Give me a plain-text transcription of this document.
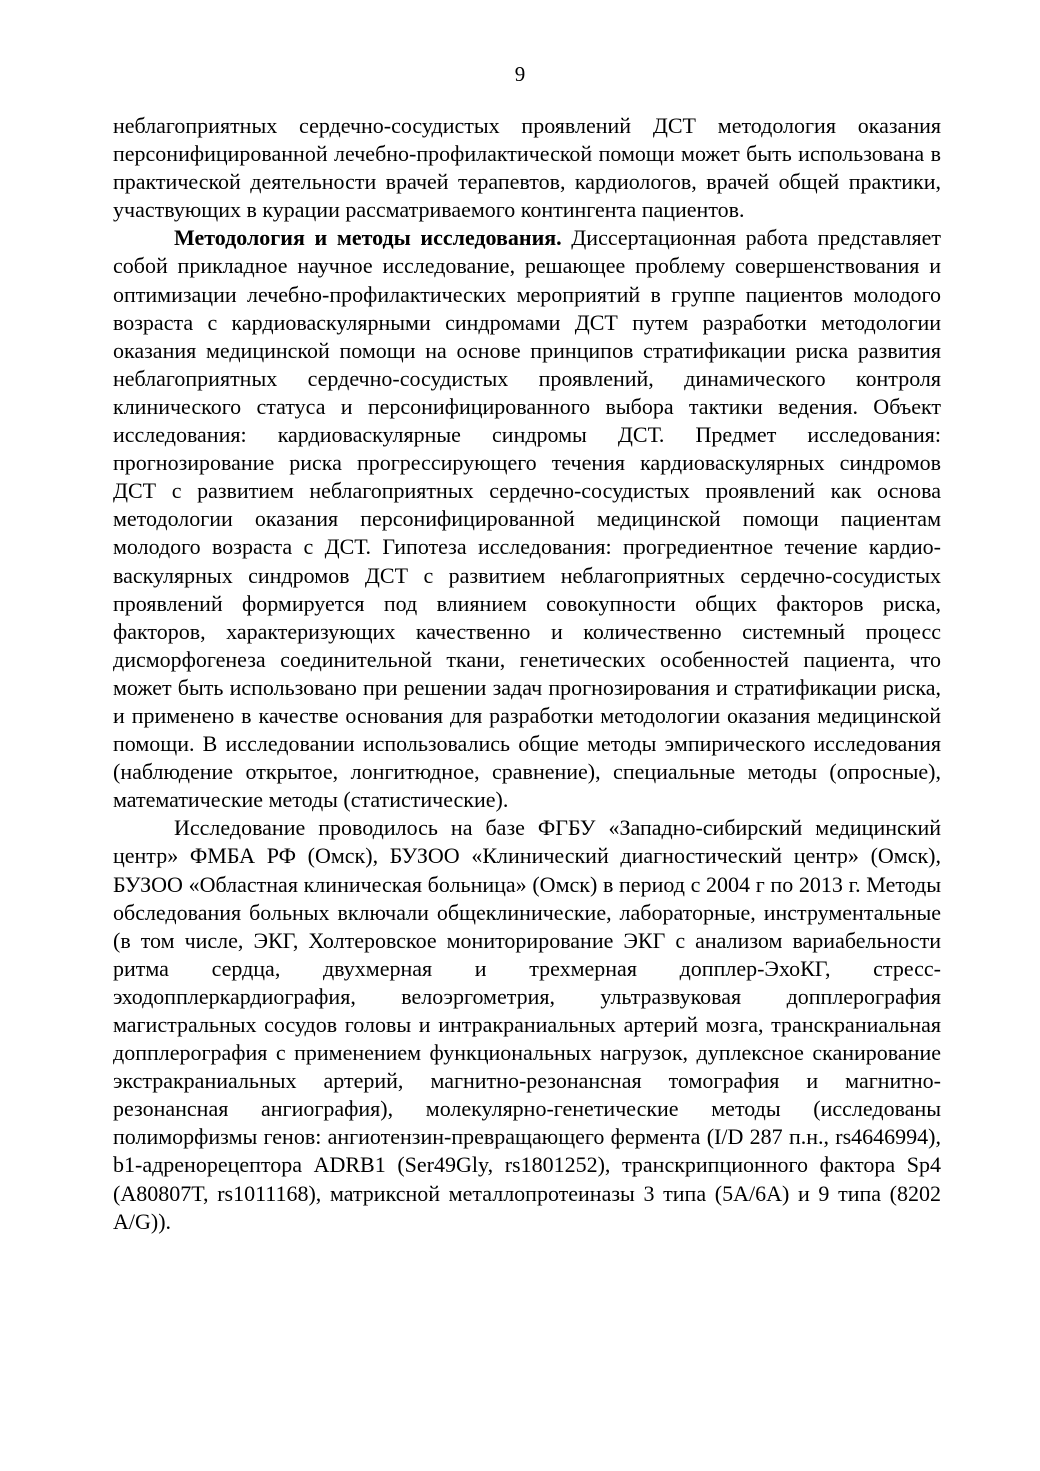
9

неблагоприятных сердечно-сосудистых проявлений ДСТ методология оказания персонифицированной лечебно-профилактической помощи может быть использована в практической деятельности врачей терапевтов, кардиологов, врачей общей практики, участвующих в курации рассматриваемого контингента пациентов.

Методология и методы исследования. Диссертационная работа представляет собой прикладное научное исследование, решающее проблему совершенствования и оптимизации лечебно-профилактических мероприятий в группе пациентов молодого возраста с кардиоваскулярными синдромами ДСТ путем разработки методологии оказания медицинской помощи на основе принципов стратификации риска развития неблагоприятных сердечно-сосудистых проявлений, динамического контроля клинического статуса и персонифицированного выбора тактики ведения. Объект исследования: кардиоваскулярные синдромы ДСТ. Предмет исследования: прогнозирование риска прогрессирующего течения кардиоваскулярных синдромов ДСТ с развитием неблагоприятных сердечно-сосудистых проявлений как основа методологии оказания персонифицированной медицинской помощи пациентам молодого возраста с ДСТ. Гипотеза исследования: прогредиентное течение кардио-васкулярных синдромов ДСТ с развитием неблагоприятных сердечно-сосудистых проявлений формируется под влиянием совокупности общих факторов риска, факторов, характеризующих качественно и количественно системный процесс дисморфогенеза соединительной ткани, генетических особенностей пациента, что может быть использовано при решении задач прогнозирования и стратификации риска, и применено в качестве основания для разработки методологии оказания медицинской помощи. В исследовании использовались общие методы эмпирического исследования (наблюдение открытое, лонгитюдное, сравнение), специальные методы (опросные), математические методы (статистические).

Исследование проводилось на базе ФГБУ «Западно-сибирский медицинский центр» ФМБА РФ (Омск), БУЗОО «Клинический диагностический центр» (Омск), БУЗОО «Областная клиническая больница» (Омск) в период с 2004 г по 2013 г. Методы обследования больных включали общеклинические, лабораторные, инструментальные (в том числе, ЭКГ, Холтеровское мониторирование ЭКГ с анализом вариабельности ритма сердца, двухмерная и трехмерная допплер-ЭхоКГ, стресс-эходопплеркардиография, велоэргометрия, ультразвуковая допплерография магистральных сосудов головы и интракраниальных артерий мозга, транскраниальная допплерография с применением функциональных нагрузок, дуплексное сканирование экстракраниальных артерий, магнитно-резонансная томография и магнитно-резонансная ангиография), молекулярно-генетические методы (исследованы полиморфизмы генов: ангиотензин-превращающего фермента (I/D 287 п.н., rs4646994), b1-адренорецептора ADRB1 (Ser49Gly, rs1801252), транскрипционного фактора Sp4 (A80807T, rs1011168), матриксной металлопротеиназы 3 типа (5A/6A) и 9 типа (8202 A/G)).
